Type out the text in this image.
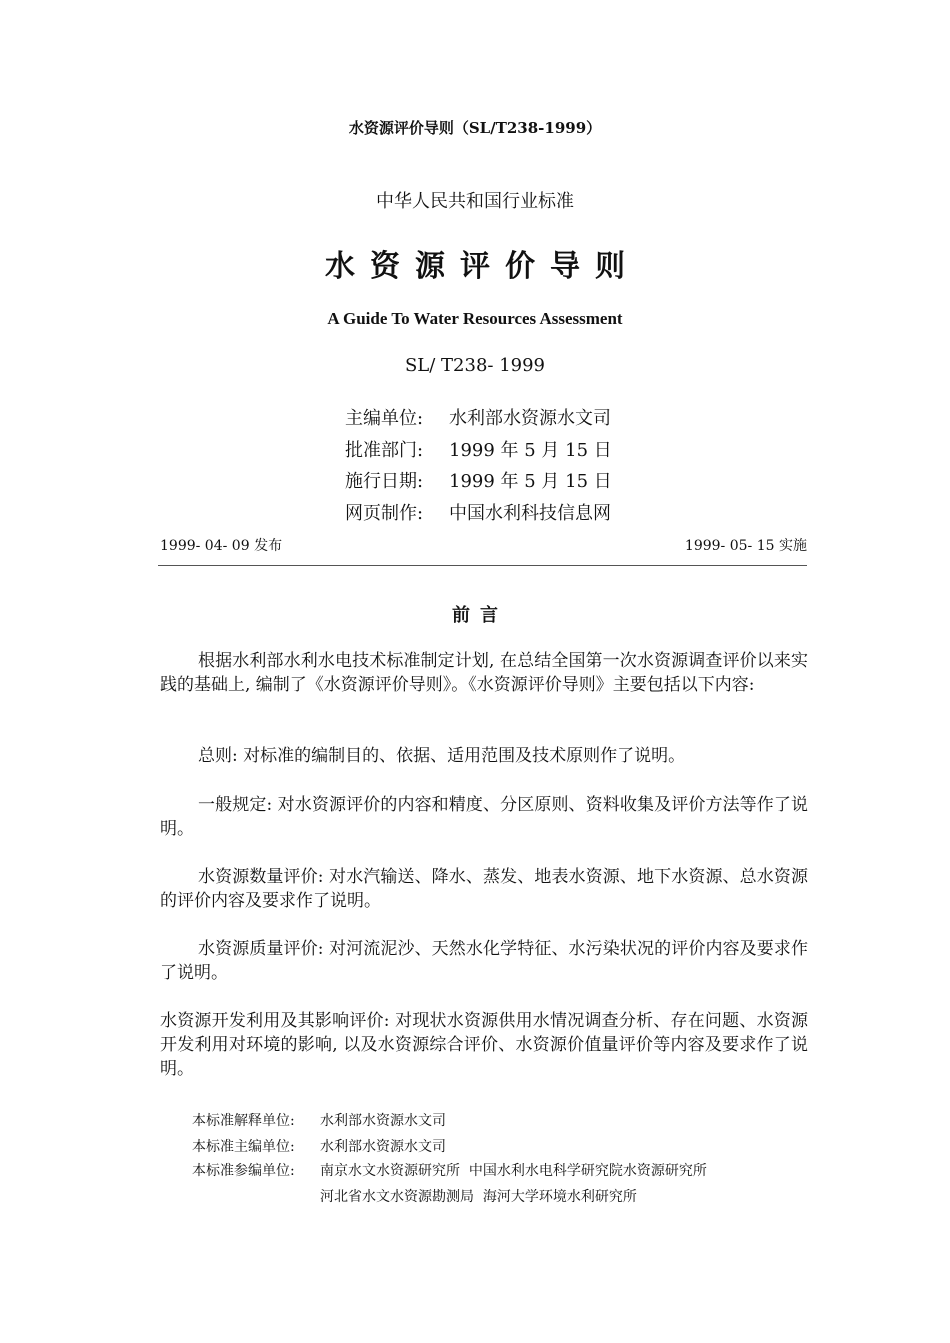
水资源评价导则（SL/T238-1999）
中华人民共和国行业标准
水资源评价导则
A Guide To Water Resources Assessment
SL/ T238- 1999
主编单位: 水利部水资源水文司
批准部门: 1999 年 5 月 15 日
施行日期: 1999 年 5 月 15 日
网页制作: 中国水利科技信息网
1999- 04- 09 发布	1999- 05- 15 实施
前言
根据水利部水利水电技术标准制定计划, 在总结全国第一次水资源调查评价以来实践的基础上, 编制了《水资源评价导则》。《水资源评价导则》主要包括以下内容:
总则: 对标准的编制目的、依据、适用范围及技术原则作了说明。
一般规定: 对水资源评价的内容和精度、分区原则、资料收集及评价方法等作了说明。
水资源数量评价: 对水汽输送、降水、蒸发、地表水资源、地下水资源、总水资源的评价内容及要求作了说明。
水资源质量评价: 对河流泥沙、天然水化学特征、水污染状况的评价内容及要求作了说明。
水资源开发利用及其影响评价: 对现状水资源供用水情况调查分析、存在问题、水资源开发利用对环境的影响, 以及水资源综合评价、水资源价值量评价等内容及要求作了说明。
本标准解释单位: 水利部水资源水文司
本标准主编单位: 水利部水资源水文司
本标准参编单位: 南京水文水资源研究所  中国水利水电科学研究院水资源研究所
河北省水文水资源勘测局  海河大学环境水利研究所
